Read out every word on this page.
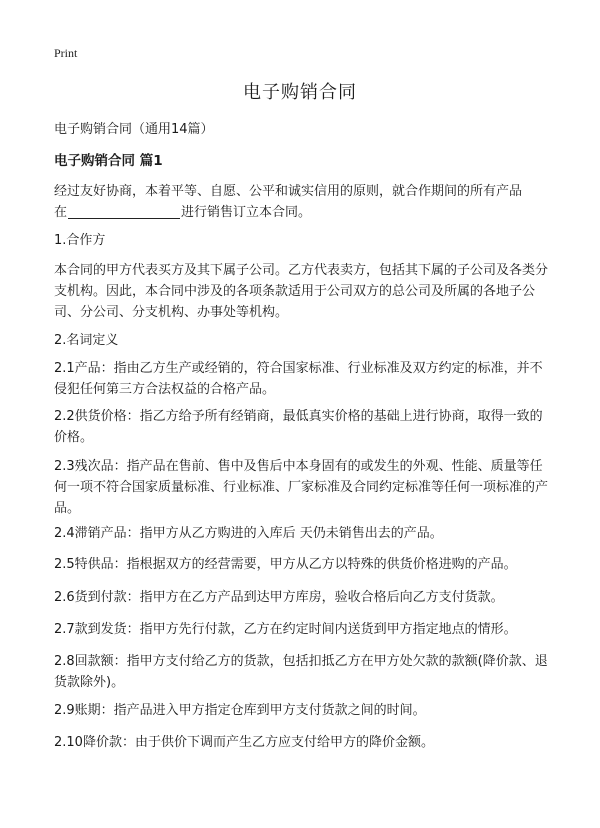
Print
电子购销合同

电子购销合同（通用14篇）

电子购销合同 篇1

经过友好协商，本着平等、自愿、公平和诚实信用的原则，就合作期间的所有产品
在	进行销售订立本合同。

1.合作方

本合同的甲方代表买方及其下属子公司。乙方代表卖方，包括其下属的子公司及各类分支机构。因此，本合同中涉及的各项条款适用于公司双方的总公司及所属的各地子公司、分公司、分支机构、办事处等机构。

2.名词定义

2.1产品：指由乙方生产或经销的，符合国家标准、行业标准及双方约定的标准，并不侵犯任何第三方合法权益的合格产品。

2.2供货价格：指乙方给予所有经销商，最低真实价格的基础上进行协商，取得一致的价格。

2.3残次品：指产品在售前、售中及售后中本身固有的或发生的外观、性能、质量等任何一项不符合国家质量标准、行业标准、厂家标准及合同约定标准等任何一项标准的产品。

2.4滞销产品：指甲方从乙方购进的入库后 天仍未销售出去的产品。

2.5特供品：指根据双方的经营需要，甲方从乙方以特殊的供货价格进购的产品。

2.6货到付款：指甲方在乙方产品到达甲方库房，验收合格后向乙方支付货款。

2.7款到发货：指甲方先行付款，乙方在约定时间内送货到甲方指定地点的情形。

2.8回款额：指甲方支付给乙方的货款，包括扣抵乙方在甲方处欠款的款额(降价款、退货款除外)。

2.9账期：指产品进入甲方指定仓库到甲方支付货款之间的时间。

2.10降价款：由于供价下调而产生乙方应支付给甲方的降价金额。
